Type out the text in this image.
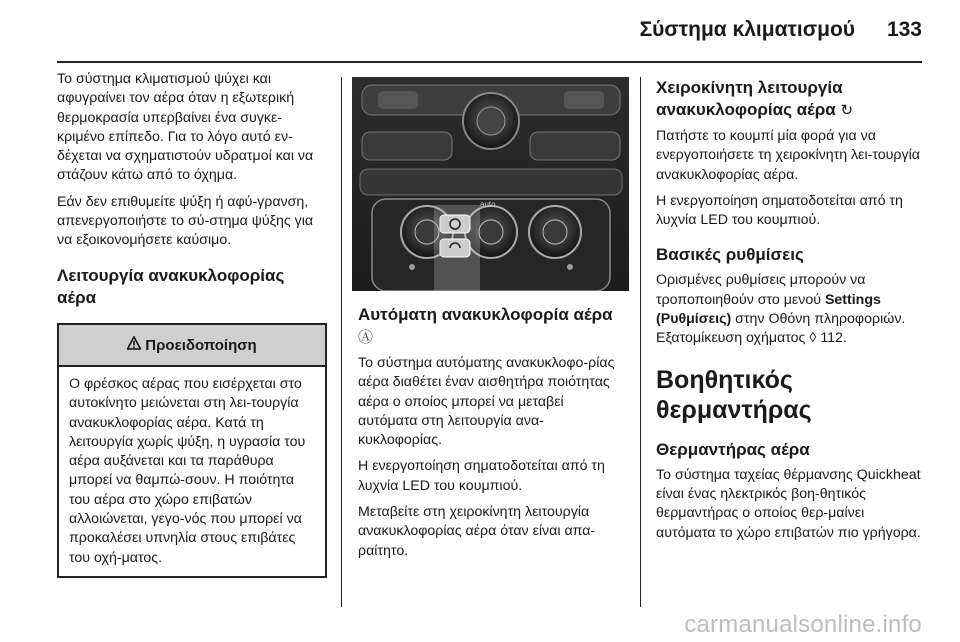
Σύστημα κλιματισμού 133

Το σύστημα κλιματισμού ψύχει και αφυγραίνει τον αέρα όταν η εξωτερική θερμοκρασία υπερβαίνει ένα συγκε-κριμένο επίπεδο. Για το λόγο αυτό εν-δέχεται να σχηματιστούν υδρατμοί και να στάζουν κάτω από το όχημα.

Εάν δεν επιθυμείτε ψύξη ή αφύ-γρανση, απενεργοποιήστε το σύ-στημα ψύξης για να εξοικονομήσετε καύσιμο.

Λειτουργία ανακυκλοφορίας αέρα
Προειδοποίηση
Ο φρέσκος αέρας που εισέρχεται στο αυτοκίνητο μειώνεται στη λει-τουργία ανακυκλοφορίας αέρα. Κατά τη λειτουργία χωρίς ψύξη, η υγρασία του αέρα αυξάνεται και τα παράθυρα μπορεί να θαμπώ-σουν. Η ποιότητα του αέρα στο χώρο επιβατών αλλοιώνεται, γεγο-νός που μπορεί να προκαλέσει υπνηλία στους επιβάτες του οχή-ματος.
auto
Αυτόματη ανακυκλοφορία αέρα Ⓐ

Το σύστημα αυτόματης ανακυκλοφο-ρίας αέρα διαθέτει έναν αισθητήρα ποιότητας αέρα ο οποίος μπορεί να μεταβεί αυτόματα στη λειτουργία ανα-κυκλοφορίας.

Η ενεργοποίηση σηματοδοτείται από τη λυχνία LED του κουμπιού.

Μεταβείτε στη χειροκίνητη λειτουργία ανακυκλοφορίας αέρα όταν είναι απα-ραίτητο.

Χειροκίνητη λειτουργία ανακυκλοφορίας αέρα ↻

Πατήστε το κουμπί μία φορά για να ενεργοποιήσετε τη χειροκίνητη λει-τουργία ανακυκλοφορίας αέρα.

Η ενεργοποίηση σηματοδοτείται από τη λυχνία LED του κουμπιού.

Βασικές ρυθμίσεις

Ορισμένες ρυθμίσεις μπορούν να τροποποιηθούν στο μενού Settings (Ρυθμίσεις) στην Οθόνη πληροφοριών. Εξατομίκευση οχήματος ◊ 112.

Βοηθητικός θερμαντήρας
Θερμαντήρας αέρα

Το σύστημα ταχείας θέρμανσης Quickheat είναι ένας ηλεκτρικός βοη-θητικός θερμαντήρας ο οποίος θερ-μαίνει αυτόματα το χώρο επιβατών πιο γρήγορα.

carmanualsonline.info
